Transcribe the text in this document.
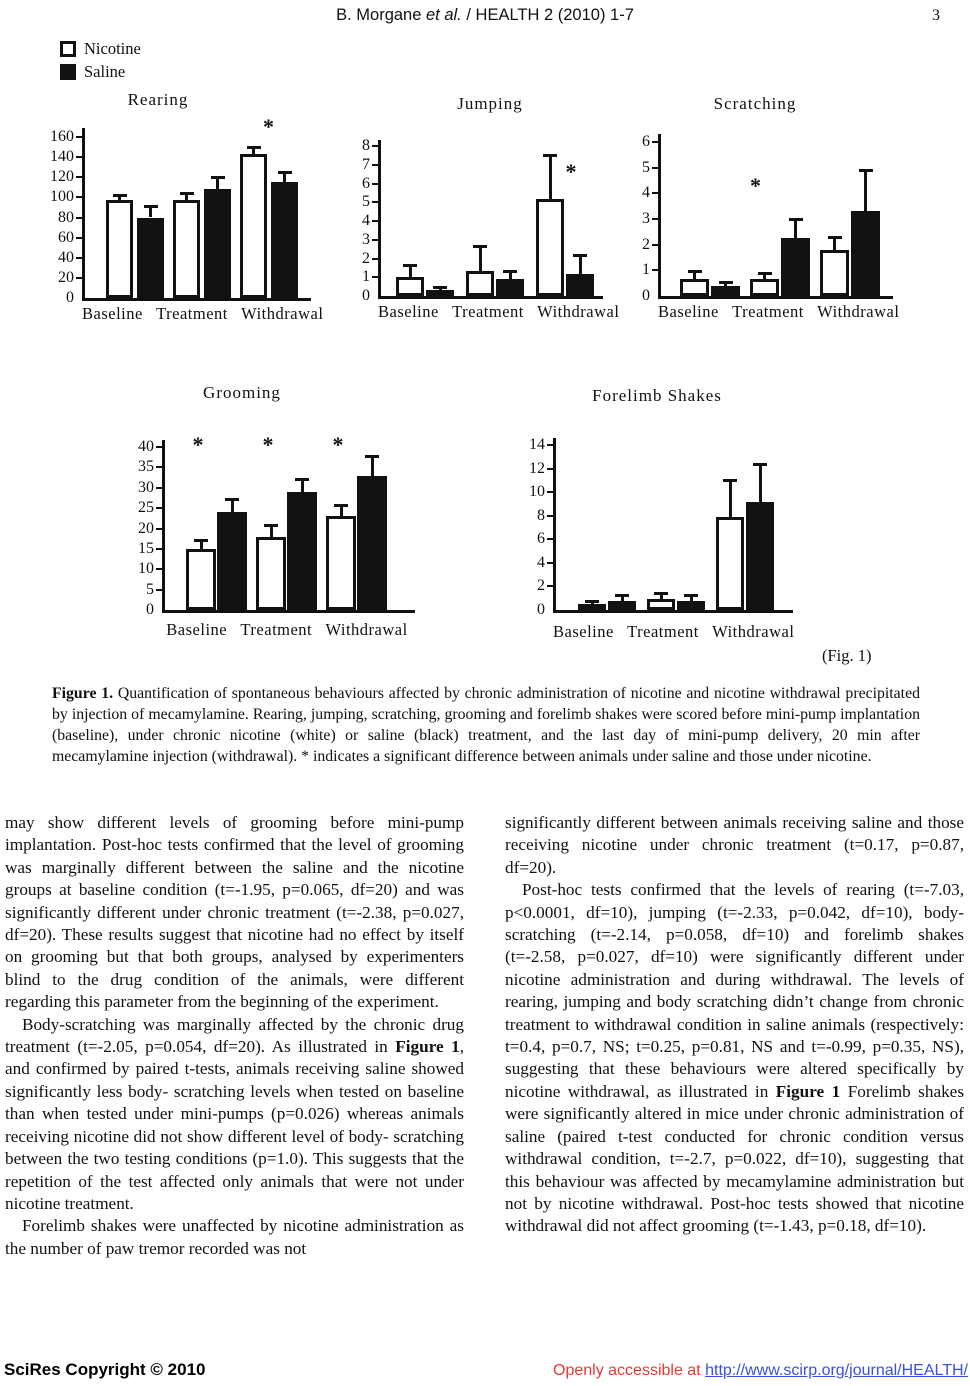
B. Morgane et al. / HEALTH 2 (2010) 1-7	3
Nicotine
Saline
Rearing
0
20
40
60
80
100
120
140
160	*
Baseline Treatment Withdrawal
Jumping
0
1
2
3
4
5
6
7
8
*
Baseline Treatment Withdrawal
Scratching
0
1
2
3
4
5
6
*
Baseline Treatment Withdrawal
Grooming
0
5
10
15
20
25
30
35
40 *	*	*
Baseline Treatment Withdrawal
Forelimb Shakes
0
2
4
6
8
10
12
14
Baseline Treatment Withdrawal
(Fig. 1)
Figure 1. Quantification of spontaneous behaviours affected by chronic administration of nicotine and nicotine withdrawal precipitated by injection of mecamylamine. Rearing, jumping, scratching, grooming and forelimb shakes were scored before mini-pump implantation (baseline), under chronic nicotine (white) or saline (black) treatment, and the last day of mini-pump delivery, 20 min after mecamylamine injection (withdrawal). * indicates a significant difference between animals under saline and those under nicotine.

may show different levels of grooming before mini-pump implantation. Post-hoc tests confirmed that the level of grooming was marginally different between the saline and the nicotine groups at baseline condition (t=-1.95, p=0.065, df=20) and was significantly different under chronic treatment (t=-2.38, p=0.027, df=20). These results suggest that nicotine had no effect by itself on grooming but that both groups, analysed by experimenters blind to the drug condition of the animals, were different regarding this parameter from the beginning of the experiment.

Body-scratching was marginally affected by the chronic drug treatment (t=-2.05, p=0.054, df=20). As illustrated in Figure 1, and confirmed by paired t-tests, animals receiving saline showed significantly less body- scratching levels when tested on baseline than when tested under mini-pumps (p=0.026) whereas animals receiving nicotine did not show different level of body- scratching between the two testing conditions (p=1.0). This suggests that the repetition of the test affected only animals that were not under nicotine treatment.

Forelimb shakes were unaffected by nicotine administration as the number of paw tremor recorded was not

significantly different between animals receiving saline and those receiving nicotine under chronic treatment (t=0.17, p=0.87, df=20).

Post-hoc tests confirmed that the levels of rearing (t=-7.03, p<0.0001, df=10), jumping (t=-2.33, p=0.042, df=10), body-scratching (t=-2.14, p=0.058, df=10) and forelimb shakes (t=-2.58, p=0.027, df=10) were significantly different under nicotine administration and during withdrawal. The levels of rearing, jumping and body scratching didn’t change from chronic treatment to withdrawal condition in saline animals (respectively: t=0.4, p=0.7, NS; t=0.25, p=0.81, NS and t=-0.99, p=0.35, NS), suggesting that these behaviours were altered specifically by nicotine withdrawal, as illustrated in Figure 1 Forelimb shakes were significantly altered in mice under chronic administration of saline (paired t-test conducted for chronic condition versus withdrawal condition, t=-2.7, p=0.022, df=10), suggesting that this behaviour was affected by mecamylamine administration but not by nicotine withdrawal. Post-hoc tests showed that nicotine withdrawal did not affect grooming (t=-1.43, p=0.18, df=10).

SciRes Copyright © 2010	Openly accessible at http://www.scirp.org/journal/HEALTH/
